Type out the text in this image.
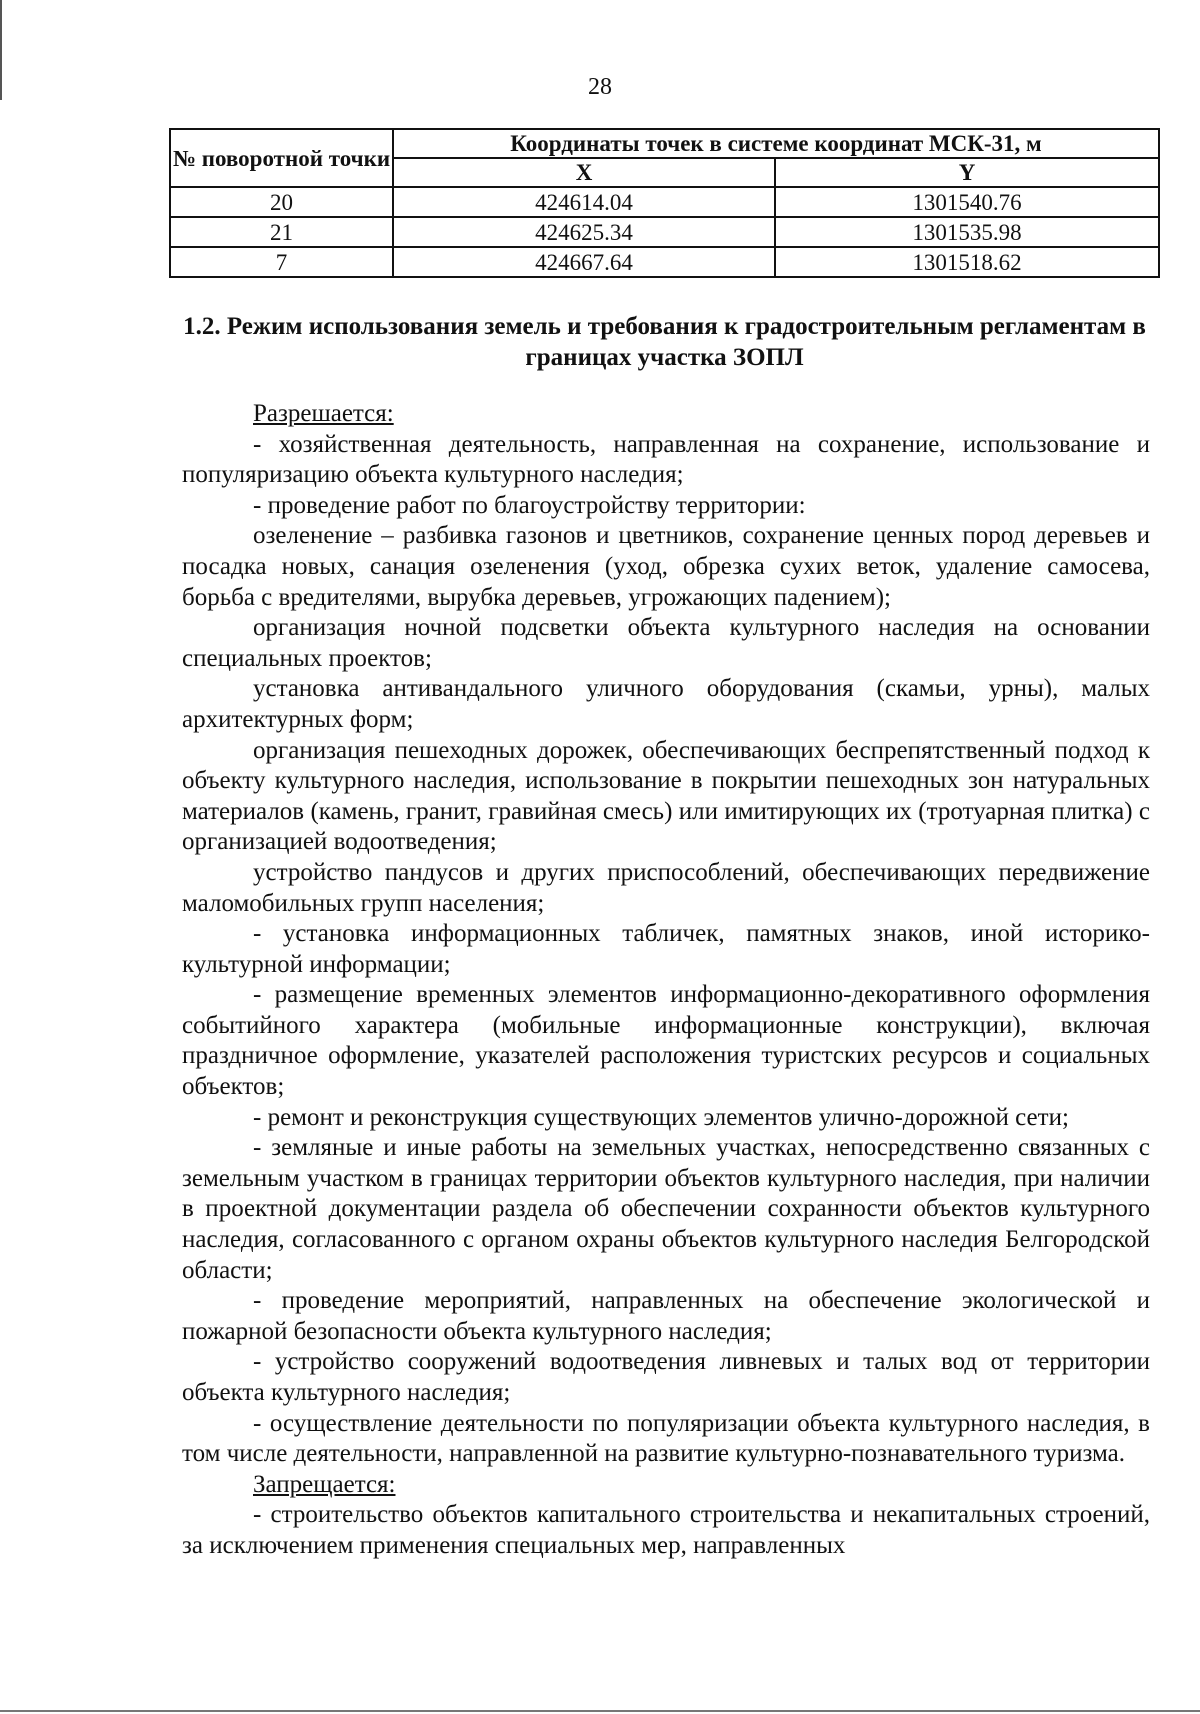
28
№ поворотной точки	Координаты точек в системе координат МСК-31, м	
	X	Y
20	424614.04	1301540.76
21	424625.34	1301535.98
7	424667.64	1301518.62
1.2. Режим использования земель и требования к градостроительным регламентам в границах участка ЗОПЛ

Разрешается:

- хозяйственная деятельность, направленная на сохранение, использование и популяризацию объекта культурного наследия;

- проведение работ по благоустройству территории:

озеленение – разбивка газонов и цветников, сохранение ценных пород деревьев и посадка новых, санация озеленения (уход, обрезка сухих веток, удаление самосева, борьба с вредителями, вырубка деревьев, угрожающих падением);

организация ночной подсветки объекта культурного наследия на основании специальных проектов;

установка антивандального уличного оборудования (скамьи, урны), малых архитектурных форм;

организация пешеходных дорожек, обеспечивающих беспрепятственный подход к объекту культурного наследия, использование в покрытии пешеходных зон натуральных материалов (камень, гранит, гравийная смесь) или имитирующих их (тротуарная плитка) с организацией водоотведения;

устройство пандусов и других приспособлений, обеспечивающих передвижение маломобильных групп населения;

- установка информационных табличек, памятных знаков, иной историко-культурной информации;

- размещение временных элементов информационно-декоративного оформления событийного характера (мобильные информационные конструкции), включая праздничное оформление, указателей расположения туристских ресурсов и социальных объектов;

- ремонт и реконструкция существующих элементов улично-дорожной сети;

- земляные и иные работы на земельных участках, непосредственно связанных с земельным участком в границах территории объектов культурного наследия, при наличии в проектной документации раздела об обеспечении сохранности объектов культурного наследия, согласованного с органом охраны объектов культурного наследия Белгородской области;

- проведение мероприятий, направленных на обеспечение экологической и пожарной безопасности объекта культурного наследия;

- устройство сооружений водоотведения ливневых и талых вод от территории объекта культурного наследия;

- осуществление деятельности по популяризации объекта культурного наследия, в том числе деятельности, направленной на развитие культурно-познавательного туризма.

Запрещается:

- строительство объектов капитального строительства и некапитальных строений, за исключением применения специальных мер, направленных
